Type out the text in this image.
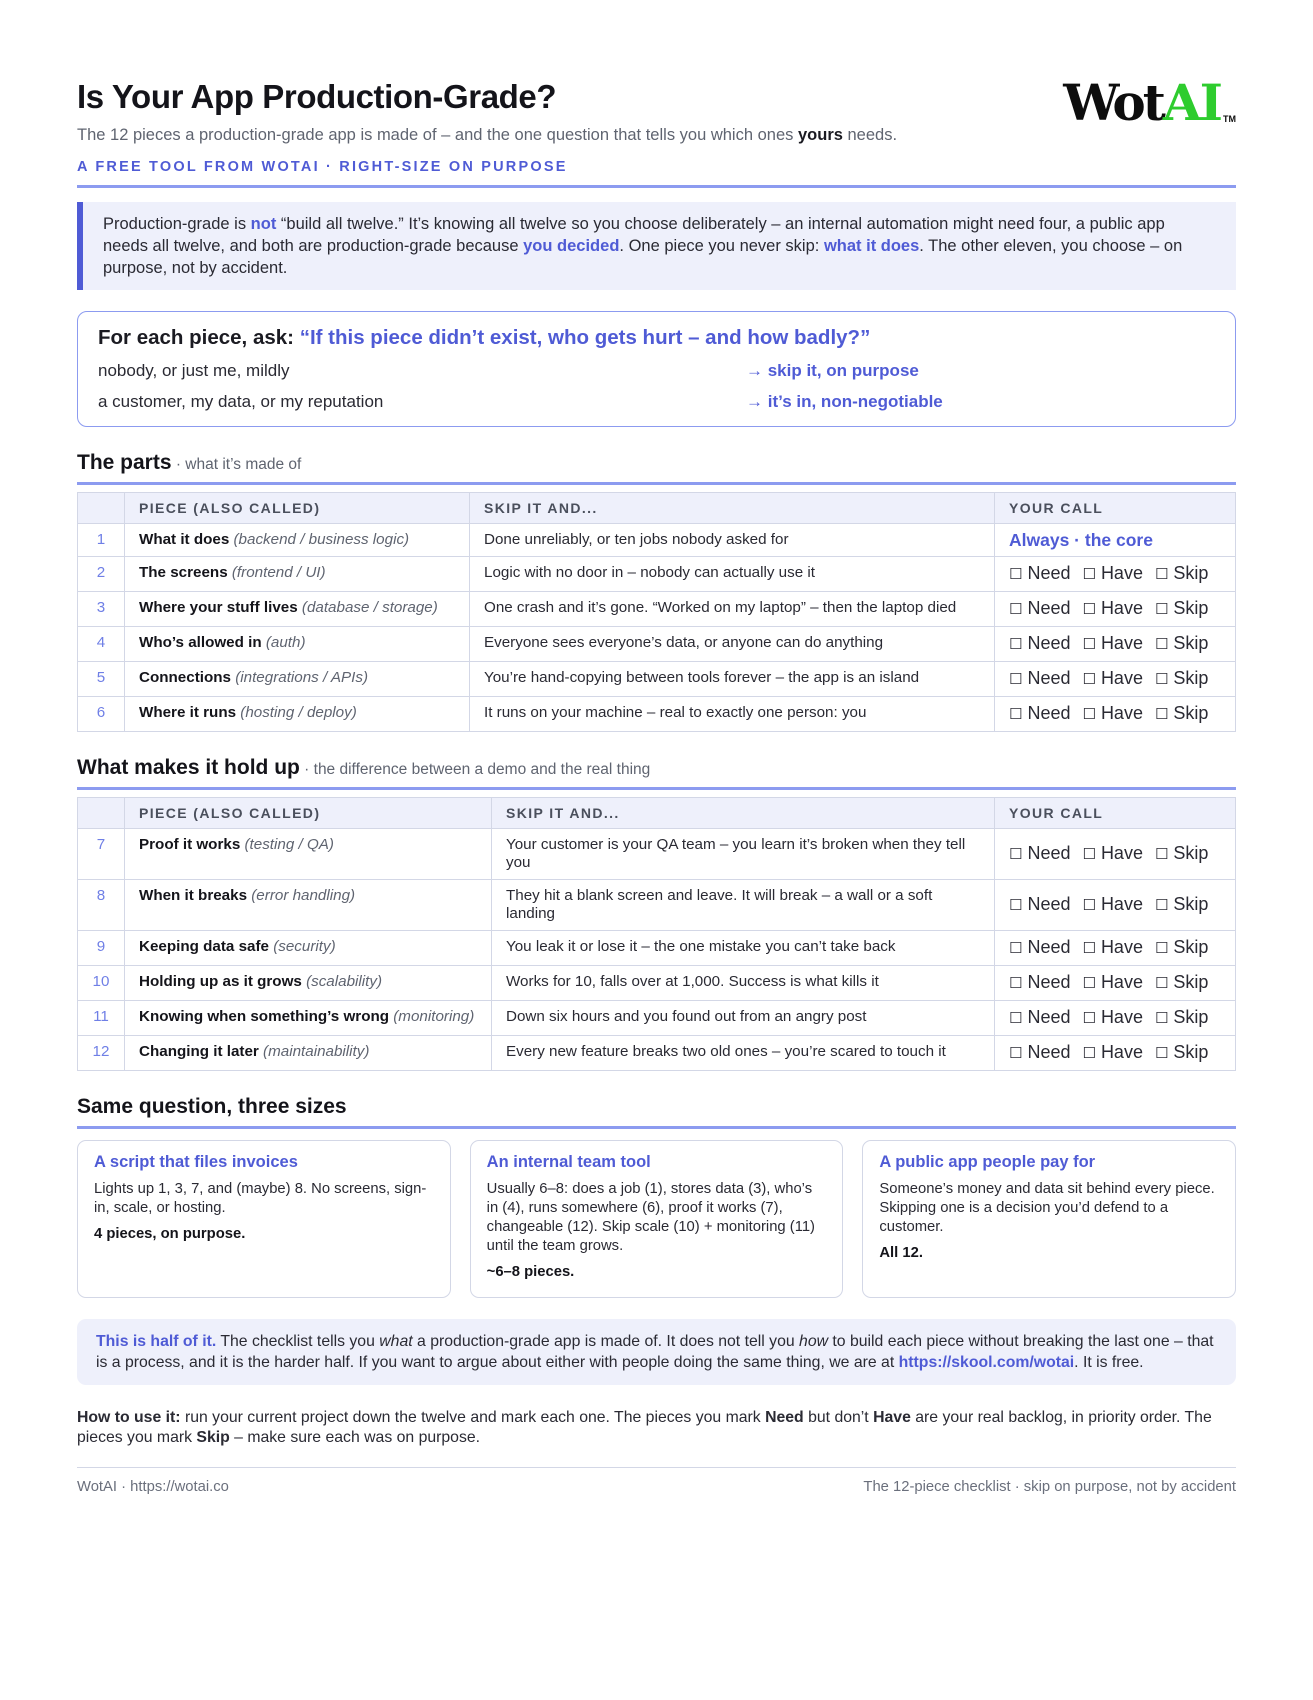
Is Your App Production-Grade?
The 12 pieces a production-grade app is made of – and the one question that tells you which ones yours needs.
A FREE TOOL FROM WOTAI · RIGHT-SIZE ON PURPOSE
Wot AI TM
Production-grade is not “build all twelve.” It’s knowing all twelve so you choose deliberately – an internal automation might need four, a public app needs all twelve, and both are production-grade because you decided. One piece you never skip: what it does. The other eleven, you choose – on purpose, not by accident.
For each piece, ask: “If this piece didn’t exist, who gets hurt – and how badly?”
nobody, or just me, mildly	→ skip it, on purpose
a customer, my data, or my reputation	→ it’s in, non-negotiable
The parts · what it’s made of
	PIECE (ALSO CALLED)	SKIP IT AND...	YOUR CALL
1	What it does (backend / business logic)	Done unreliably, or ten jobs nobody asked for	Always · the core
2	The screens (frontend / UI)	Logic with no door in – nobody can actually use it	☐ Need ☐ Have ☐ Skip
3	Where your stuff lives (database / storage)	One crash and it’s gone. “Worked on my laptop” – then the laptop died	☐ Need ☐ Have ☐ Skip
4	Who’s allowed in (auth)	Everyone sees everyone’s data, or anyone can do anything	☐ Need ☐ Have ☐ Skip
5	Connections (integrations / APIs)	You’re hand-copying between tools forever – the app is an island	☐ Need ☐ Have ☐ Skip
6	Where it runs (hosting / deploy)	It runs on your machine – real to exactly one person: you	☐ Need ☐ Have ☐ Skip
What makes it hold up · the difference between a demo and the real thing
	PIECE (ALSO CALLED)	SKIP IT AND...	YOUR CALL
7	Proof it works (testing / QA)	Your customer is your QA team – you learn it’s broken when they tell you	☐ Need ☐ Have ☐ Skip
8	When it breaks (error handling)	They hit a blank screen and leave. It will break – a wall or a soft landing	☐ Need ☐ Have ☐ Skip
9	Keeping data safe (security)	You leak it or lose it – the one mistake you can’t take back	☐ Need ☐ Have ☐ Skip
10	Holding up as it grows (scalability)	Works for 10, falls over at 1,000. Success is what kills it	☐ Need ☐ Have ☐ Skip
11	Knowing when something’s wrong (monitoring)	Down six hours and you found out from an angry post	☐ Need ☐ Have ☐ Skip
12	Changing it later (maintainability)	Every new feature breaks two old ones – you’re scared to touch it	☐ Need ☐ Have ☐ Skip
Same question, three sizes
A script that files invoices
Lights up 1, 3, 7, and (maybe) 8. No screens, sign-in, scale, or hosting.
4 pieces, on purpose.
An internal team tool
Usually 6–8: does a job (1), stores data (3), who’s in (4), runs somewhere (6), proof it works (7), changeable (12). Skip scale (10) + monitoring (11) until the team grows.
~6–8 pieces.
A public app people pay for
Someone’s money and data sit behind every piece. Skipping one is a decision you’d defend to a customer.
All 12.
This is half of it. The checklist tells you what a production-grade app is made of. It does not tell you how to build each piece without breaking the last one – that is a process, and it is the harder half. If you want to argue about either with people doing the same thing, we are at https://skool.com/wotai. It is free.
How to use it: run your current project down the twelve and mark each one. The pieces you mark Need but don’t Have are your real backlog, in priority order. The pieces you mark Skip – make sure each was on purpose.
WotAI · https://wotai.co	The 12-piece checklist · skip on purpose, not by accident
